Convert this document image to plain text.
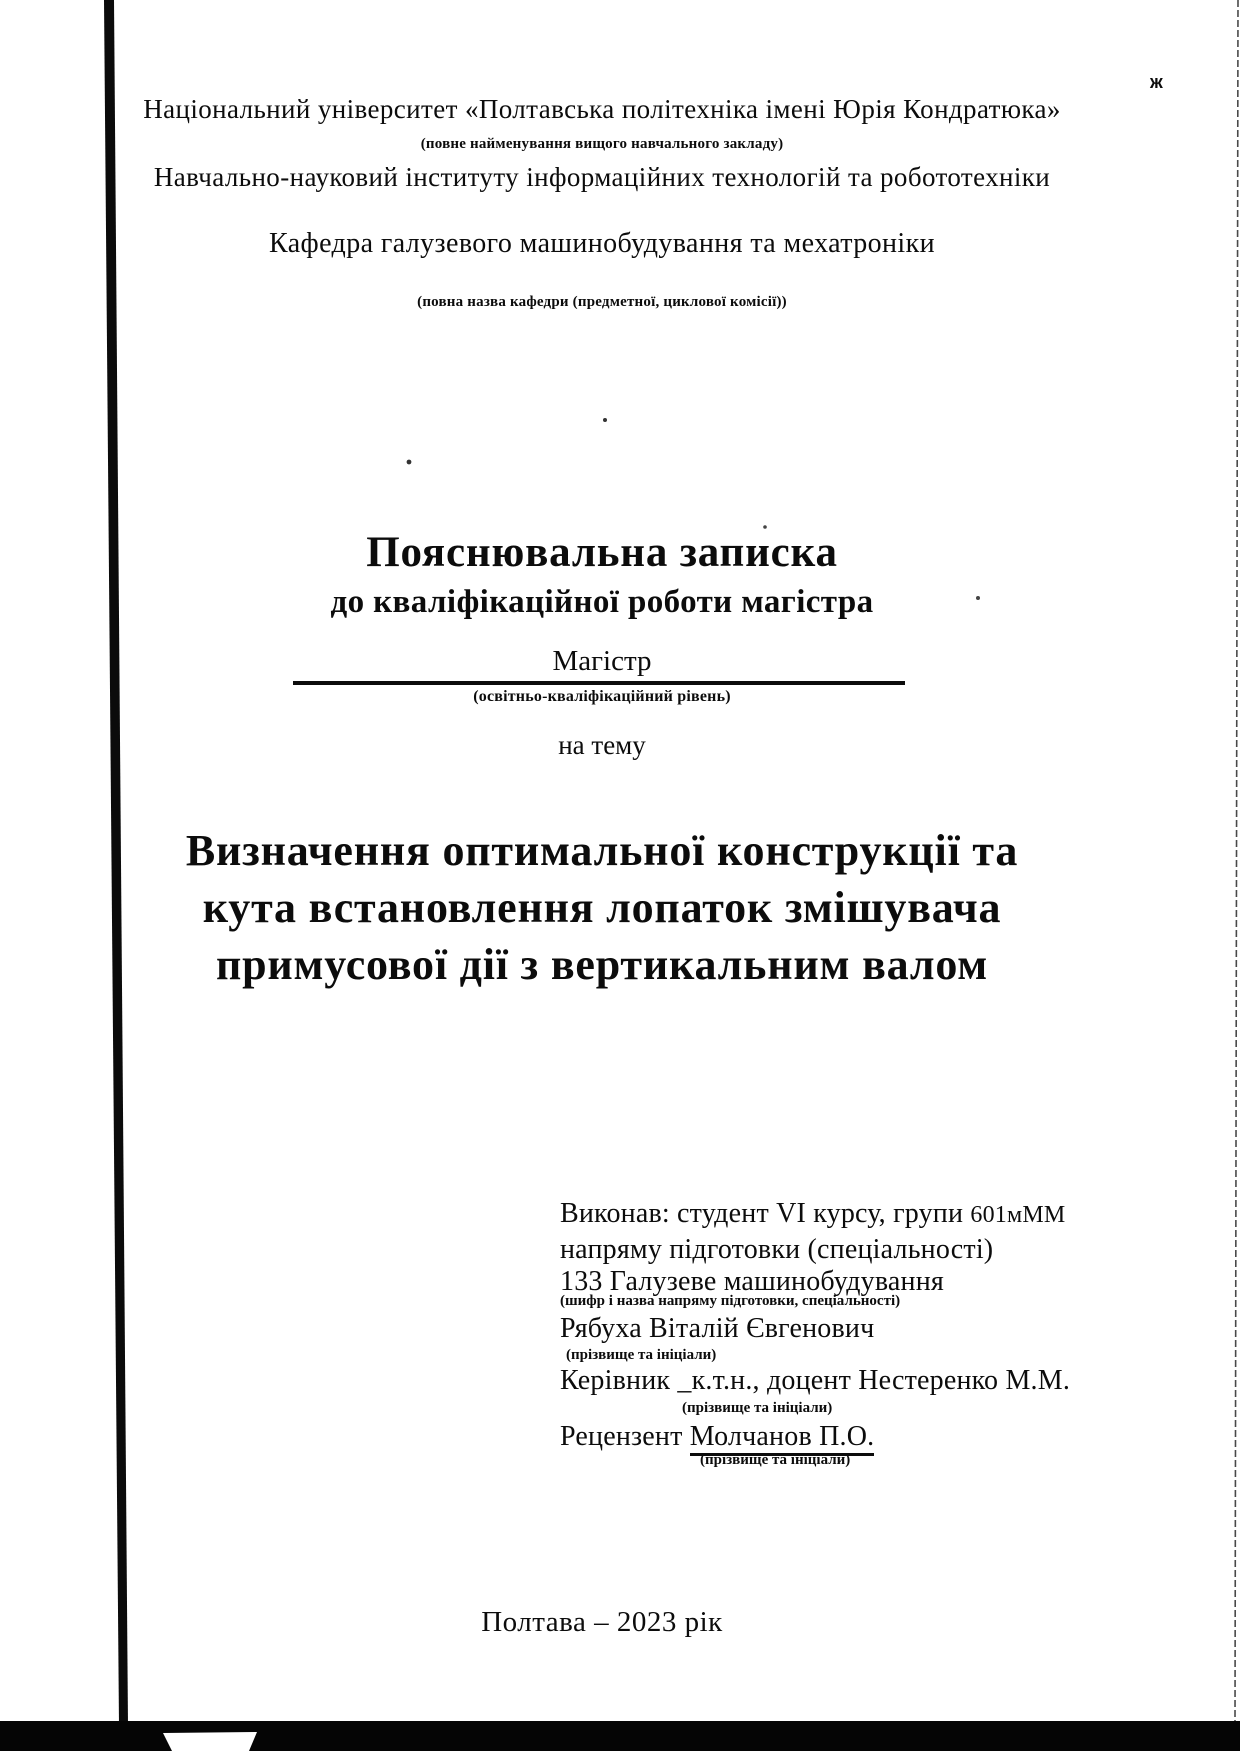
ж
Національний університет «Полтавська політехніка імені Юрія Кондратюка»
(повне найменування вищого навчального закладу)
Навчально-науковий інституту інформаційних технологій та робототехніки
Кафедра галузевого машинобудування та мехатроніки
(повна назва кафедри (предметної, циклової комісії))
Пояснювальна записка
до кваліфікаційної роботи магістра
Магістр
(освітньо-кваліфікаційний рівень)
на тему
Визначення оптимальної конструкції та
кута встановлення лопаток змішувача
примусової дії з вертикальним валом
Виконав: студент VI курсу, групи 601мММ
напряму підготовки (спеціальності)
133 Галузеве машинобудування
(шифр і назва напряму підготовки, спеціальності)
Рябуха Віталій Євгенович
(прізвище та ініціали)
Керівник _к.т.н., доцент Нестеренко М.М.
(прізвище та ініціали)
Рецензент Молчанов П.О.
(прізвище та ініціали)
Полтава – 2023 рік
